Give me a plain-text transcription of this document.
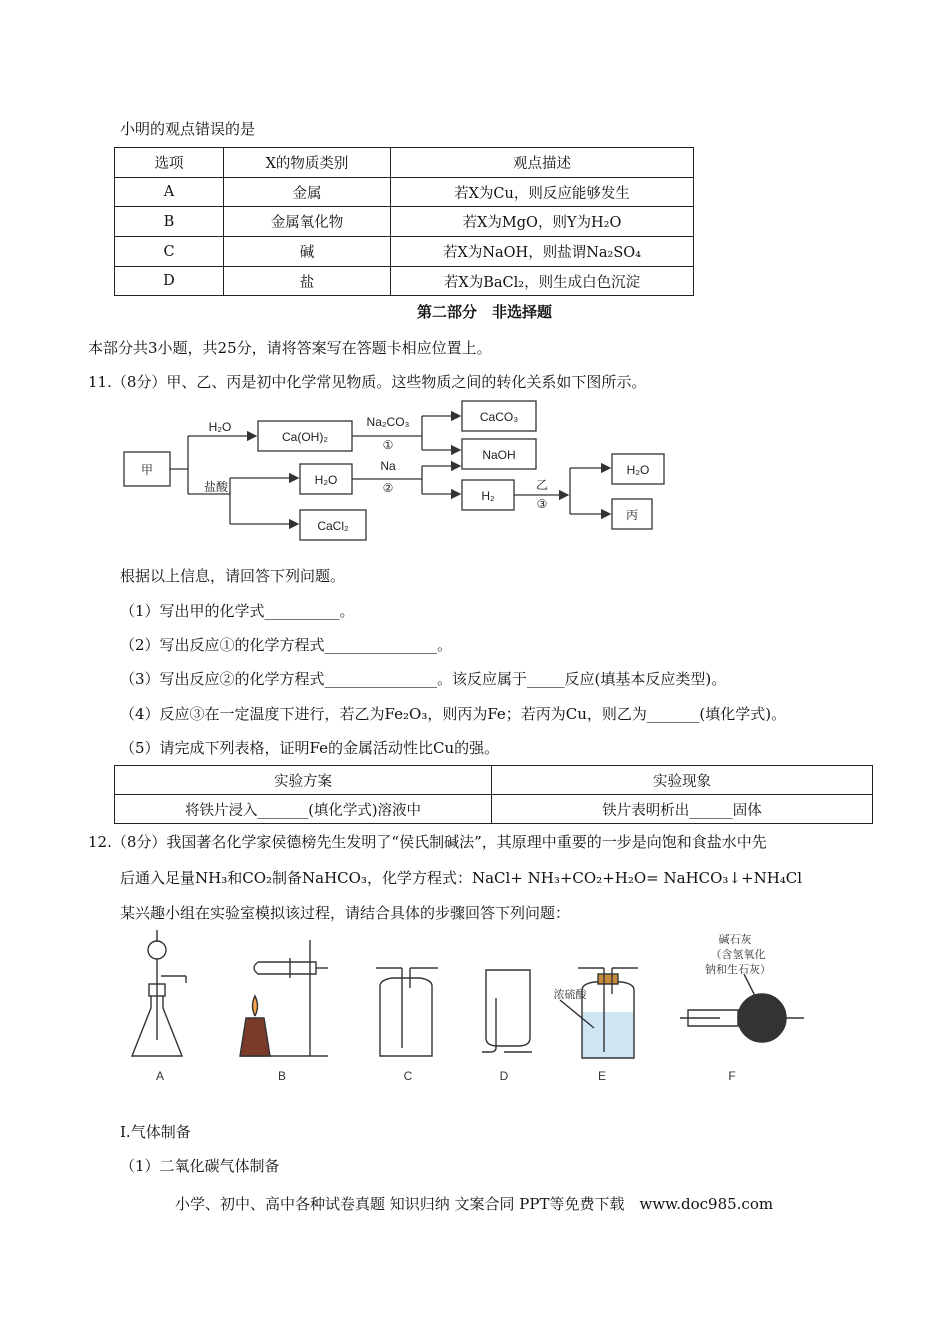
小明的观点错误的是
选项	X的物质类别	观点描述
A	金属	若X为Cu，则反应能够发生
B	金属氧化物	若X为MgO，则Y为H₂O
C	碱	若X为NaOH，则盐谓Na₂SO₄
D	盐	若X为BaCl₂，则生成白色沉淀
第二部分　非选择题
本部分共3小题，共25分，请将答案写在答题卡相应位置上。
11.（8分）甲、乙、丙是初中化学常见物质。这些物质之间的转化关系如下图所示。
甲
Ca(OH)₂
CaCO₃
NaOH
H₂O
CaCl₂
H₂
H₂O
丙
H₂O
盐酸
Na₂CO₃
①
Na
②	乙
③
根据以上信息，请回答下列问题。
（1）写出甲的化学式__________。
（2）写出反应①的化学方程式_______________。
（3）写出反应②的化学方程式_______________。该反应属于_____反应(填基本反应类型)。
（4）反应③在一定温度下进行，若乙为Fe₂O₃，则丙为Fe；若丙为Cu，则乙为_______(填化学式)。
（5）请完成下列表格，证明Fe的金属活动性比Cu的强。
实验方案	实验现象
将铁片浸入_______(填化学式)溶液中	铁片表明析出______固体
12.（8分）我国著名化学家侯德榜先生发明了“侯氏制碱法”，其原理中重要的一步是向饱和食盐水中先
后通入足量NH₃和CO₂制备NaHCO₃，化学方程式：NaCl+ NH₃+CO₂+H₂O= NaHCO₃↓+NH₄Cl
某兴趣小组在实验室模拟该过程，请结合具体的步骤回答下列问题：
A	B	C	D	E	F
浓硫酸
碱石灰
（含氢氧化
钠和生石灰）
I.气体制备
（1）二氧化碳气体制备
小学、初中、高中各种试卷真题 知识归纳 文案合同 PPT等免费下载　www.doc985.com
